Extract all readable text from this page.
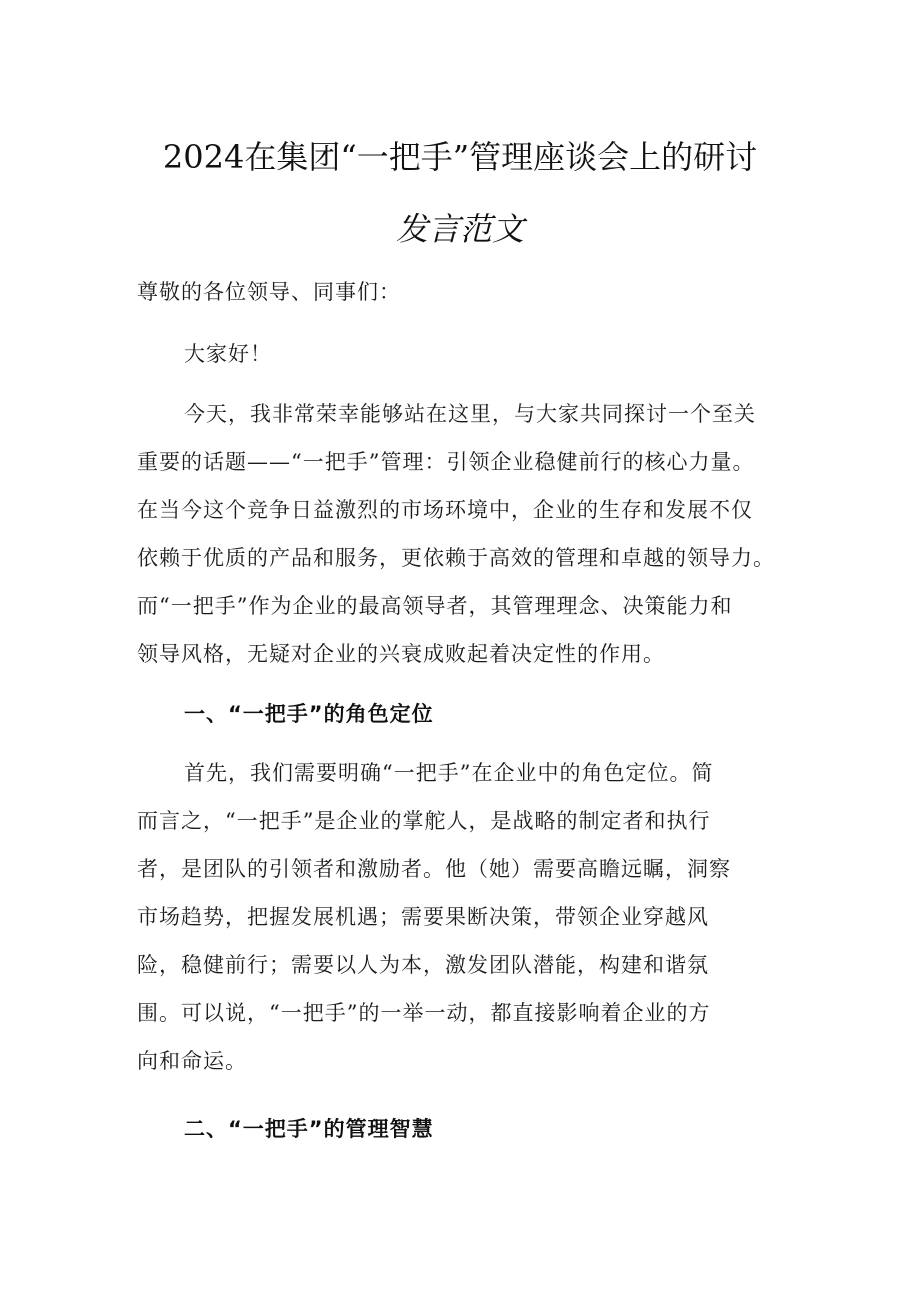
2024在集团“一把手”管理座谈会上的研讨
发言范文
尊敬的各位领导、同事们：
大家好！
今天，我非常荣幸能够站在这里，与大家共同探讨一个至关
重要的话题——“一把手”管理：引领企业稳健前行的核心力量。
在当今这个竞争日益激烈的市场环境中，企业的生存和发展不仅
依赖于优质的产品和服务，更依赖于高效的管理和卓越的领导力。
而“一把手”作为企业的最高领导者，其管理理念、决策能力和
领导风格，无疑对企业的兴衰成败起着决定性的作用。
一、“一把手”的角色定位
首先，我们需要明确“一把手”在企业中的角色定位。简
而言之，“一把手”是企业的掌舵人，是战略的制定者和执行
者，是团队的引领者和激励者。他（她）需要高瞻远瞩，洞察
市场趋势，把握发展机遇；需要果断决策，带领企业穿越风
险，稳健前行；需要以人为本，激发团队潜能，构建和谐氛
围。可以说，“一把手”的一举一动，都直接影响着企业的方
向和命运。
二、“一把手”的管理智慧
